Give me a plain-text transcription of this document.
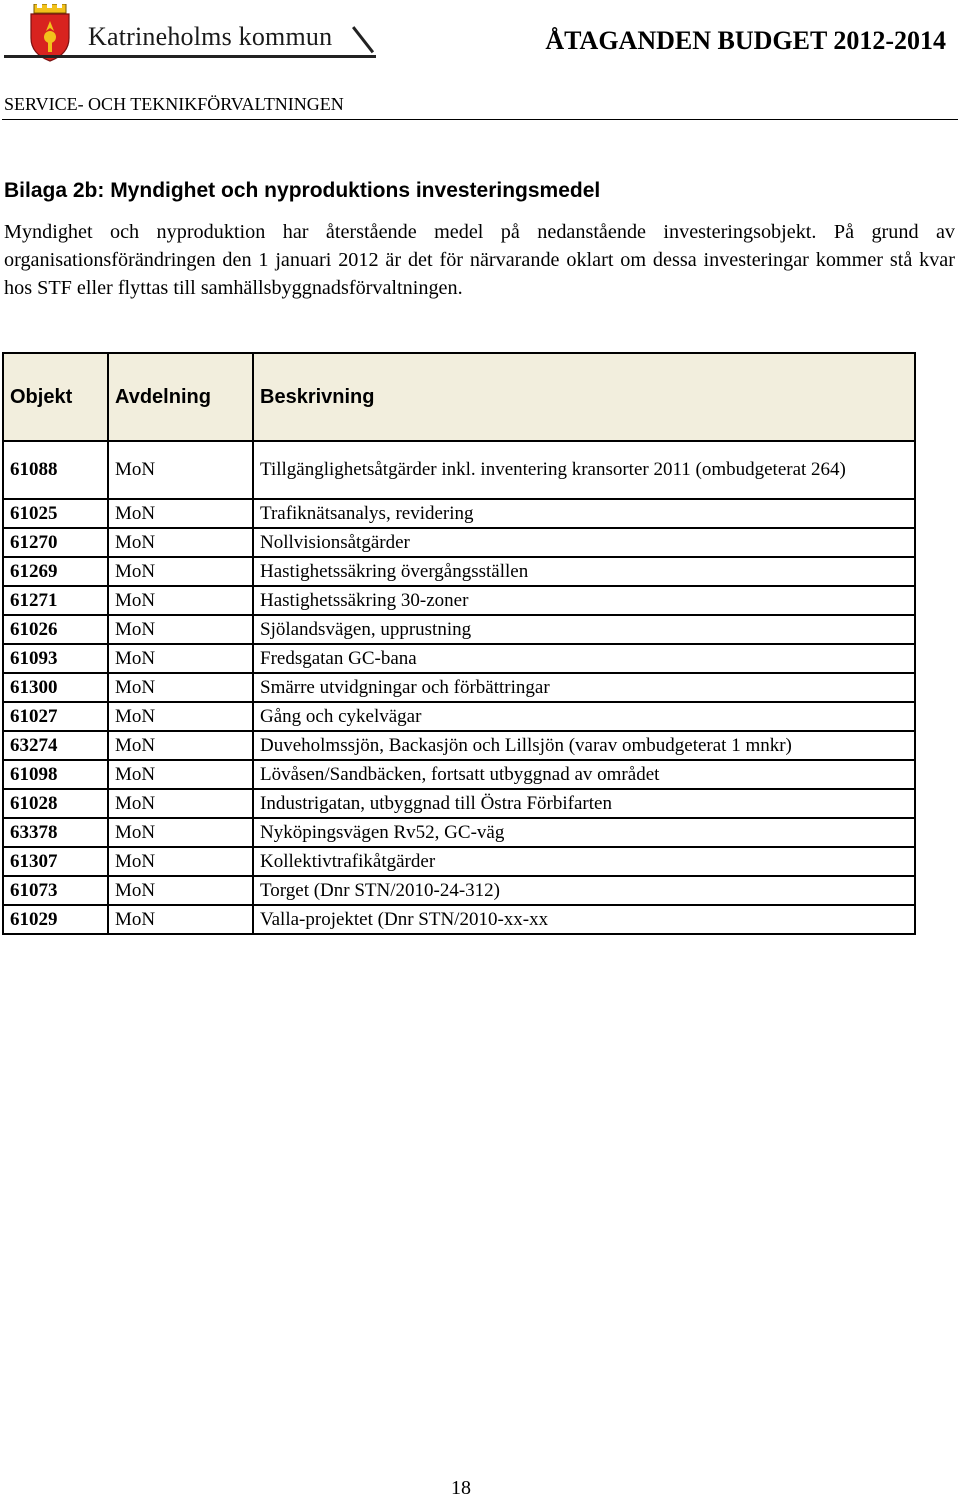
Katrineholms kommun	ÅTAGANDEN BUDGET 2012-2014
SERVICE- OCH TEKNIKFÖRVALTNINGEN
Bilaga 2b: Myndighet och nyproduktions investeringsmedel

Myndighet och nyproduktion har återstående medel på nedanstående investeringsobjekt. På grund av organisationsförändringen den 1 januari 2012 är det för närvarande oklart om dessa investeringar kommer stå kvar hos STF eller flyttas till samhällsbyggnadsförvaltningen.

Objekt	Avdelning	Beskrivning
61088	MoN	Tillgänglighetsåtgärder inkl. inventering kransorter 2011 (ombudgeterat 264)
61025	MoN	Trafiknätsanalys, revidering
61270	MoN	Nollvisionsåtgärder
61269	MoN	Hastighetssäkring övergångsställen
61271	MoN	Hastighetssäkring 30-zoner
61026	MoN	Sjölandsvägen, upprustning
61093	MoN	Fredsgatan GC-bana
61300	MoN	Smärre utvidgningar och förbättringar
61027	MoN	Gång och cykelvägar
63274	MoN	Duveholmssjön, Backasjön och Lillsjön (varav ombudgeterat 1 mnkr)
61098	MoN	Lövåsen/Sandbäcken, fortsatt utbyggnad av området
61028	MoN	Industrigatan, utbyggnad till Östra Förbifarten
63378	MoN	Nyköpingsvägen Rv52, GC-väg
61307	MoN	Kollektivtrafikåtgärder
61073	MoN	Torget (Dnr STN/2010-24-312)
61029	MoN	Valla-projektet (Dnr STN/2010-xx-xx
18
